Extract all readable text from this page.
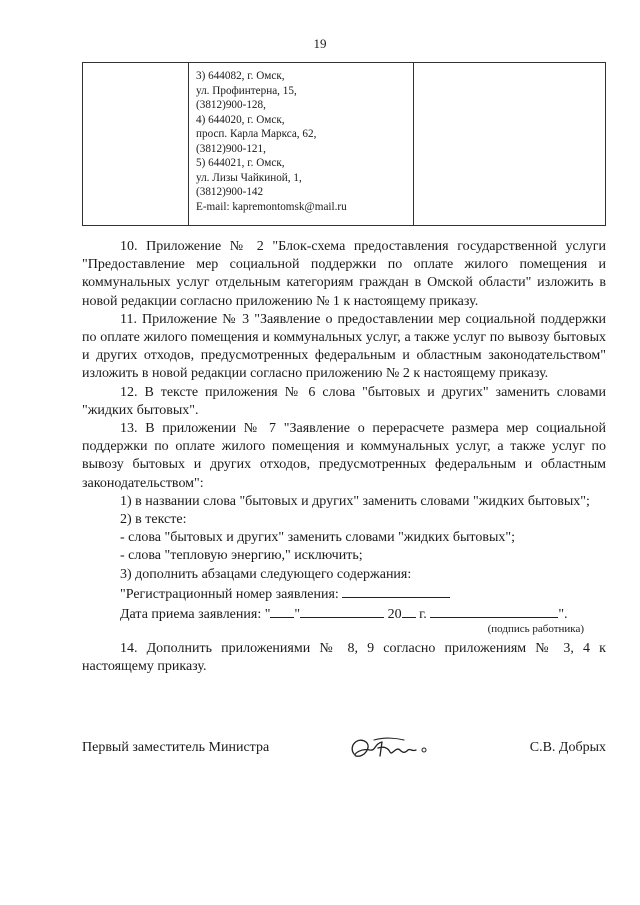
19

3) 644082, г. Омск,
ул. Профинтерна, 15,
(3812)900-128,
4) 644020, г. Омск,
просп. Карла Маркса, 62,
(3812)900-121,
5) 644021, г. Омск,
ул. Лизы Чайкиной, 1,
(3812)900-142
E-mail: kapremontomsk@mail.ru

10. Приложение № 2 "Блок-схема предоставления государственной услуги "Предоставление мер социальной поддержки по оплате жилого помещения и коммунальных услуг отдельным категориям граждан в Омской области" изложить в новой редакции согласно приложению № 1 к настоящему приказу.

11. Приложение № 3 "Заявление о предоставлении мер социальной поддержки по оплате жилого помещения и коммунальных услуг, а также услуг по вывозу бытовых и других отходов, предусмотренных федеральным и областным законодательством" изложить в новой редакции согласно приложению № 2 к настоящему приказу.

12. В тексте приложения № 6 слова "бытовых и других" заменить словами "жидких бытовых".

13. В приложении № 7 "Заявление о перерасчете размера мер социальной поддержки по оплате жилого помещения и коммунальных услуг, а также услуг по вывозу бытовых и других отходов, предусмотренных федеральным и областным законодательством":

1) в названии слова "бытовых и других" заменить словами "жидких бытовых";

2) в тексте:

- слова "бытовых и других" заменить словами "жидких бытовых";

- слова "тепловую энергию," исключить;

3) дополнить абзацами следующего содержания:

"Регистрационный номер заявления:

Дата приема заявления: " "	20 г.	".

(подпись работника)

14. Дополнить приложениями № 8, 9 согласно приложениям № 3, 4 к настоящему приказу.

Первый заместитель Министра	С.В. Добрых
